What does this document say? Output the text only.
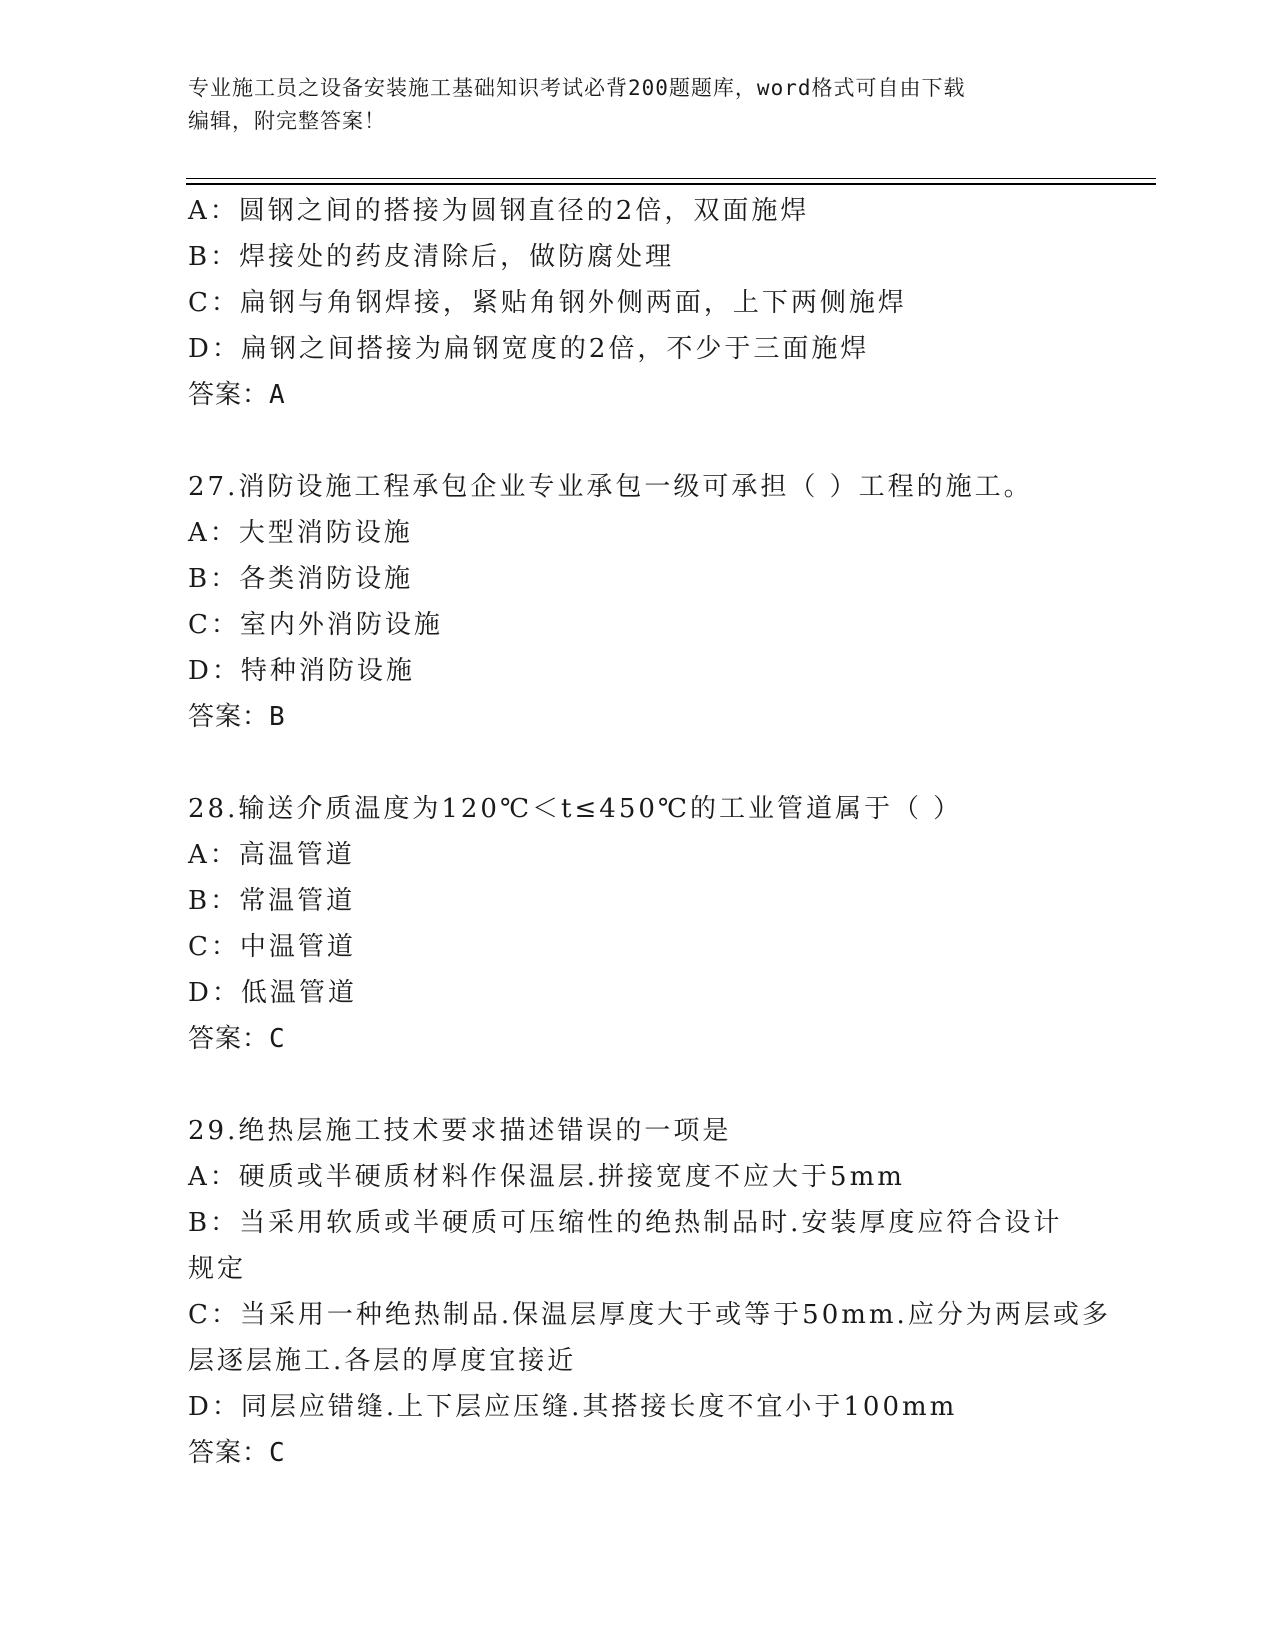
专业施工员之设备安装施工基础知识考试必背200题题库，word格式可自由下载
编辑，附完整答案！
A：圆钢之间的搭接为圆钢直径的2倍，双面施焊
B：焊接处的药皮清除后，做防腐处理
C：扁钢与角钢焊接，紧贴角钢外侧两面，上下两侧施焊
D：扁钢之间搭接为扁钢宽度的2倍，不少于三面施焊
答案：A
27.消防设施工程承包企业专业承包一级可承担（ ）工程的施工。
A：大型消防设施
B：各类消防设施
C：室内外消防设施
D：特种消防设施
答案：B
28.输送介质温度为120℃＜t≤450℃的工业管道属于（ ）
A：高温管道
B：常温管道
C：中温管道
D：低温管道
答案：C
29.绝热层施工技术要求描述错误的一项是
A：硬质或半硬质材料作保温层.拼接宽度不应大于5mm
B：当采用软质或半硬质可压缩性的绝热制品时.安装厚度应符合设计
规定
C：当采用一种绝热制品.保温层厚度大于或等于50mm.应分为两层或多
层逐层施工.各层的厚度宜接近
D：同层应错缝.上下层应压缝.其搭接长度不宜小于100mm
答案：C
